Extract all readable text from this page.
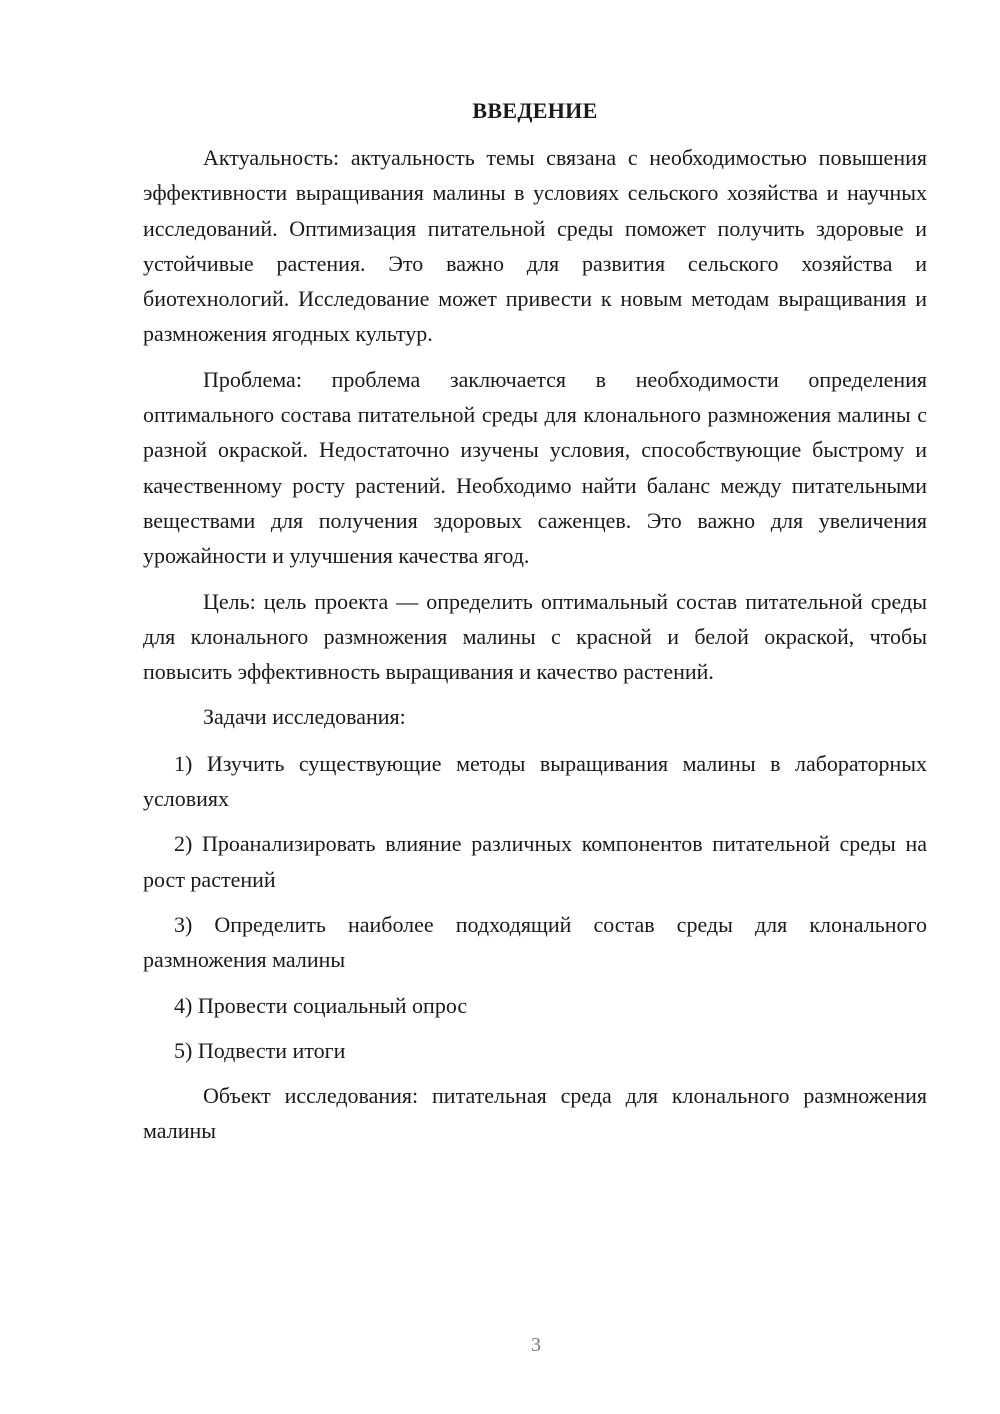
ВВЕДЕНИЕ

Актуальность: актуальность темы связана с необходимостью повышения эффективности выращивания малины в условиях сельского хозяйства и научных исследований. Оптимизация питательной среды поможет получить здоровые и устойчивые растения. Это важно для развития сельского хозяйства и биотехнологий. Исследование может привести к новым методам выращивания и размножения ягодных культур.

Проблема: проблема заключается в необходимости определения оптимального состава питательной среды для клонального размножения малины с разной окраской. Недостаточно изучены условия, способствующие быстрому и качественному росту растений. Необходимо найти баланс между питательными веществами для получения здоровых саженцев. Это важно для увеличения урожайности и улучшения качества ягод.

Цель: цель проекта — определить оптимальный состав питательной среды для клонального размножения малины с красной и белой окраской, чтобы повысить эффективность выращивания и качество растений.

Задачи исследования:

1) Изучить существующие методы выращивания малины в лабораторных условиях

2) Проанализировать влияние различных компонентов питательной среды на рост растений

3) Определить наиболее подходящий состав среды для клонального размножения малины

4) Провести социальный опрос

5) Подвести итоги

Объект исследования: питательная среда для клонального размножения малины

3
